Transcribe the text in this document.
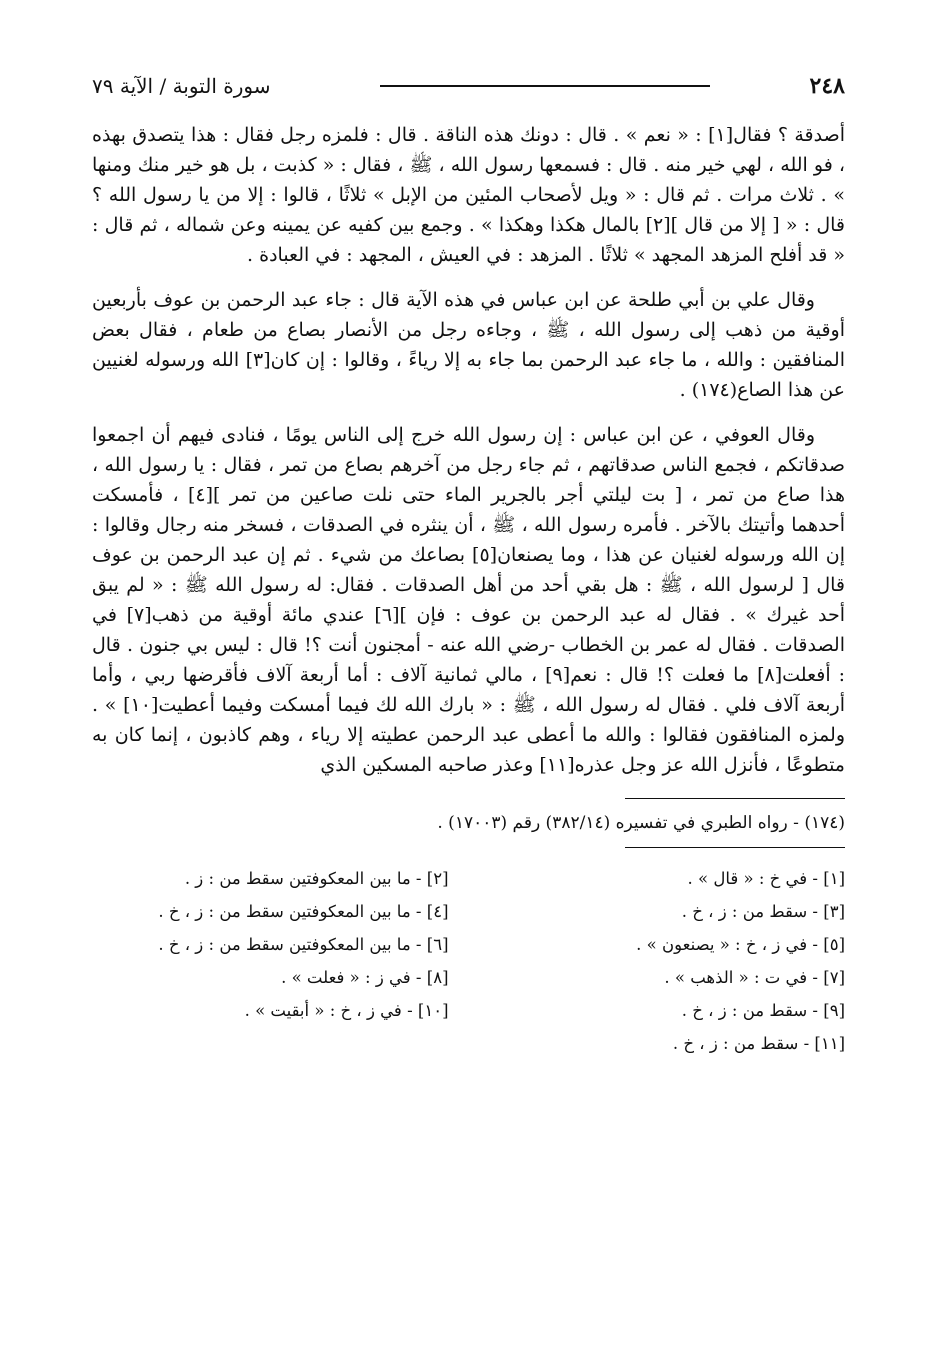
٢٤٨
سورة التوبة / الآية ٧٩

أصدقة ؟ فقال[١] : « نعم » . قال : دونك هذه الناقة . قال : فلمزه رجل فقال : هذا يتصدق بهذه ، فو الله ، لهي خير منه . قال : فسمعها رسول الله ، ﷺ ، فقال : « كذبت ، بل هو خير منك ومنها » . ثلاث مرات . ثم قال : « ويل لأصحاب المئين من الإبل » ثلاثًا ، قالوا : إلا من يا رسول الله ؟ قال : « [ إلا من قال ][٢] بالمال هكذا وهكذا » . وجمع بين كفيه عن يمينه وعن شماله ، ثم قال : « قد أفلح المزهد المجهد » ثلاثًا . المزهد : في العيش ، المجهد : في العبادة .

وقال علي بن أبي طلحة عن ابن عباس في هذه الآية قال : جاء عبد الرحمن بن عوف بأربعين أوقية من ذهب إلى رسول الله ، ﷺ ، وجاءه رجل من الأنصار بصاع من طعام ، فقال بعض المنافقين : والله ، ما جاء عبد الرحمن بما جاء به إلا رياءً ، وقالوا : إن كان[٣] الله ورسوله لغنيين عن هذا الصاع(١٧٤) .

وقال العوفي ، عن ابن عباس : إن رسول الله خرج إلى الناس يومًا ، فنادى فيهم أن اجمعوا صدقاتكم ، فجمع الناس صدقاتهم ، ثم جاء رجل من آخرهم بصاع من تمر ، فقال : يا رسول الله ، هذا صاع من تمر ، [ بت ليلتي أجر بالجرير الماء حتى نلت صاعين من تمر ][٤] ، فأمسكت أحدهما وأتيتك بالآخر . فأمره رسول الله ، ﷺ ، أن ينثره في الصدقات ، فسخر منه رجال وقالوا : إن الله ورسوله لغنيان عن هذا ، وما يصنعان[٥] بصاعك من شيء . ثم إن عبد الرحمن بن عوف قال [ لرسول الله ، ﷺ : هل بقي أحد من أهل الصدقات . فقال: له رسول الله ﷺ : « لم يبق أحد غيرك » . فقال له عبد الرحمن بن عوف : فإن ][٦] عندي مائة أوقية من ذهب[٧] في الصدقات . فقال له عمر بن الخطاب -رضي الله عنه - أمجنون أنت ؟! قال : ليس بي جنون . قال : أفعلت[٨] ما فعلت ؟! قال : نعم[٩] ، مالي ثمانية آلاف : أما أربعة آلاف فأقرضها ربي ، وأما أربعة آلاف فلي . فقال له رسول الله ، ﷺ : « بارك الله لك فيما أمسكت وفيما أعطيت[١٠] » . ولمزه المنافقون فقالوا : والله ما أعطى عبد الرحمن عطيته إلا رياء ، وهم كاذبون ، إنما كان به متطوعًا ، فأنزل الله عز وجل عذره[١١] وعذر صاحبه المسكين الذي

(١٧٤) - رواه الطبري في تفسيره (٣٨٢/١٤) رقم (١٧٠٠٣) .
[١] - في خ : « قال » .
[٢] - ما بين المعكوفتين سقط من : ز .
[٣] - سقط من : ز ، خ .
[٤] - ما بين المعكوفتين سقط من : ز ، خ .
[٥] - في ز ، خ : « يصنعون » .
[٦] - ما بين المعكوفتين سقط من : ز ، خ .
[٧] - في ت : « الذهب » .
[٨] - في ز : « فعلت » .
[٩] - سقط من : ز ، خ .
[١٠] - في ز ، خ : « أبقيت » .
[١١] - سقط من : ز ، خ .
